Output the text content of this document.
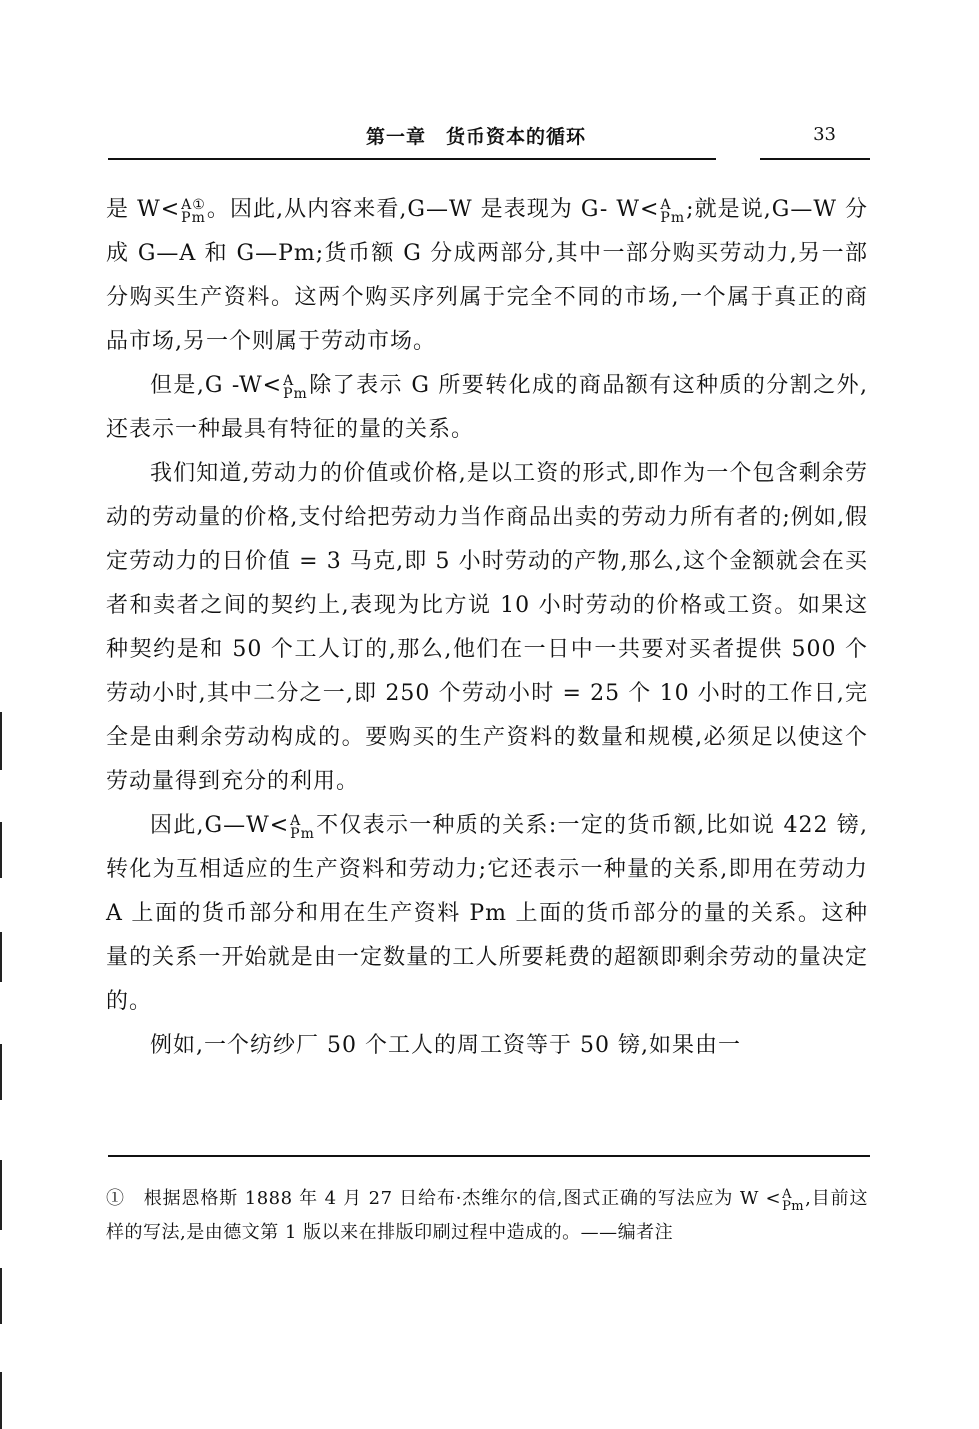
第一章　货币资本的循环	33

是 W< A①
Pm 。因此,从内容来看,G—W 是表现为 G- W< A
Pm ;就是说,G—W 分成 G—A 和 G—Pm;货币额 G 分成两部分,其中一部分购买劳动力,另一部分购买生产资料。这两个购买序列属于完全不同的市场,一个属于真正的商品市场,另一个则属于劳动市场。

但是,G -W< A
Pm 除了表示 G 所要转化成的商品额有这种质的分割之外,还表示一种最具有特征的量的关系。

我们知道,劳动力的价值或价格,是以工资的形式,即作为一个包含剩余劳动的劳动量的价格,支付给把劳动力当作商品出卖的劳动力所有者的;例如,假定劳动力的日价值 = 3 马克,即 5 小时劳动的产物,那么,这个金额就会在买者和卖者之间的契约上,表现为比方说 10 小时劳动的价格或工资。如果这种契约是和 50 个工人订的,那么,他们在一日中一共要对买者提供 500 个劳动小时,其中二分之一,即 250 个劳动小时 = 25 个 10 小时的工作日,完全是由剩余劳动构成的。要购买的生产资料的数量和规模,必须足以使这个劳动量得到充分的利用。

因此,G—W< A
Pm 不仅表示一种质的关系:一定的货币额,比如说 422 镑,转化为互相适应的生产资料和劳动力;它还表示一种量的关系,即用在劳动力 A 上面的货币部分和用在生产资料 Pm 上面的货币部分的量的关系。这种量的关系一开始就是由一定数量的工人所要耗费的超额即剩余劳动的量决定的。

例如,一个纺纱厂 50 个工人的周工资等于 50 镑,如果由一

①　根据恩格斯 1888 年 4 月 27 日给布·杰维尔的信,图式正确的写法应为 W < A
Pm ,目前这样的写法,是由德文第 1 版以来在排版印刷过程中造成的。——编者注
